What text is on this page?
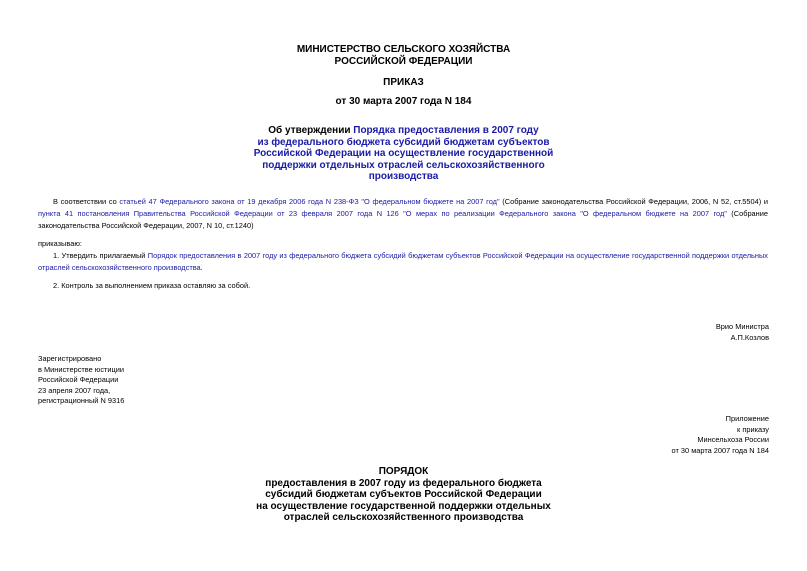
МИНИСТЕРСТВО СЕЛЬСКОГО ХОЗЯЙСТВА
РОССИЙСКОЙ ФЕДЕРАЦИИ
ПРИКАЗ
от 30 марта 2007 года N 184
Об утверждении Порядка предоставления в 2007 году
из федерального бюджета субсидий бюджетам субъектов
Российской Федерации на осуществление государственной
поддержки отдельных отраслей сельскохозяйственного
производства
В соответствии со статьей 47 Федерального закона от 19 декабря 2006 года N 238-ФЗ "О федеральном бюджете на 2007 год" (Собрание законодательства Российской Федерации, 2006, N 52, ст.5504) и пункта 41 постановления Правительства Российской Федерации от 23 февраля 2007 года N 126 "О мерах по реализации Федерального закона "О федеральном бюджете на 2007 год" (Собрание законодательства Российской Федерации, 2007, N 10, ст.1240)
приказываю:
1. Утвердить прилагаемый Порядок предоставления в 2007 году из федерального бюджета субсидий бюджетам субъектов Российской Федерации на осуществление государственной поддержки отдельных отраслей сельскохозяйственного производства.
2. Контроль за выполнением приказа оставляю за собой.
Врио Министра
А.П.Козлов
Зарегистрировано
в Министерстве юстиции
Российской Федерации
23 апреля 2007 года,
регистрационный N 9316
Приложение
к приказу
Минсельхоза России
от 30 марта 2007 года N 184
ПОРЯДОК
предоставления в 2007 году из федерального бюджета
субсидий бюджетам субъектов Российской Федерации
на осуществление государственной поддержки отдельных
отраслей сельскохозяйственного производства
